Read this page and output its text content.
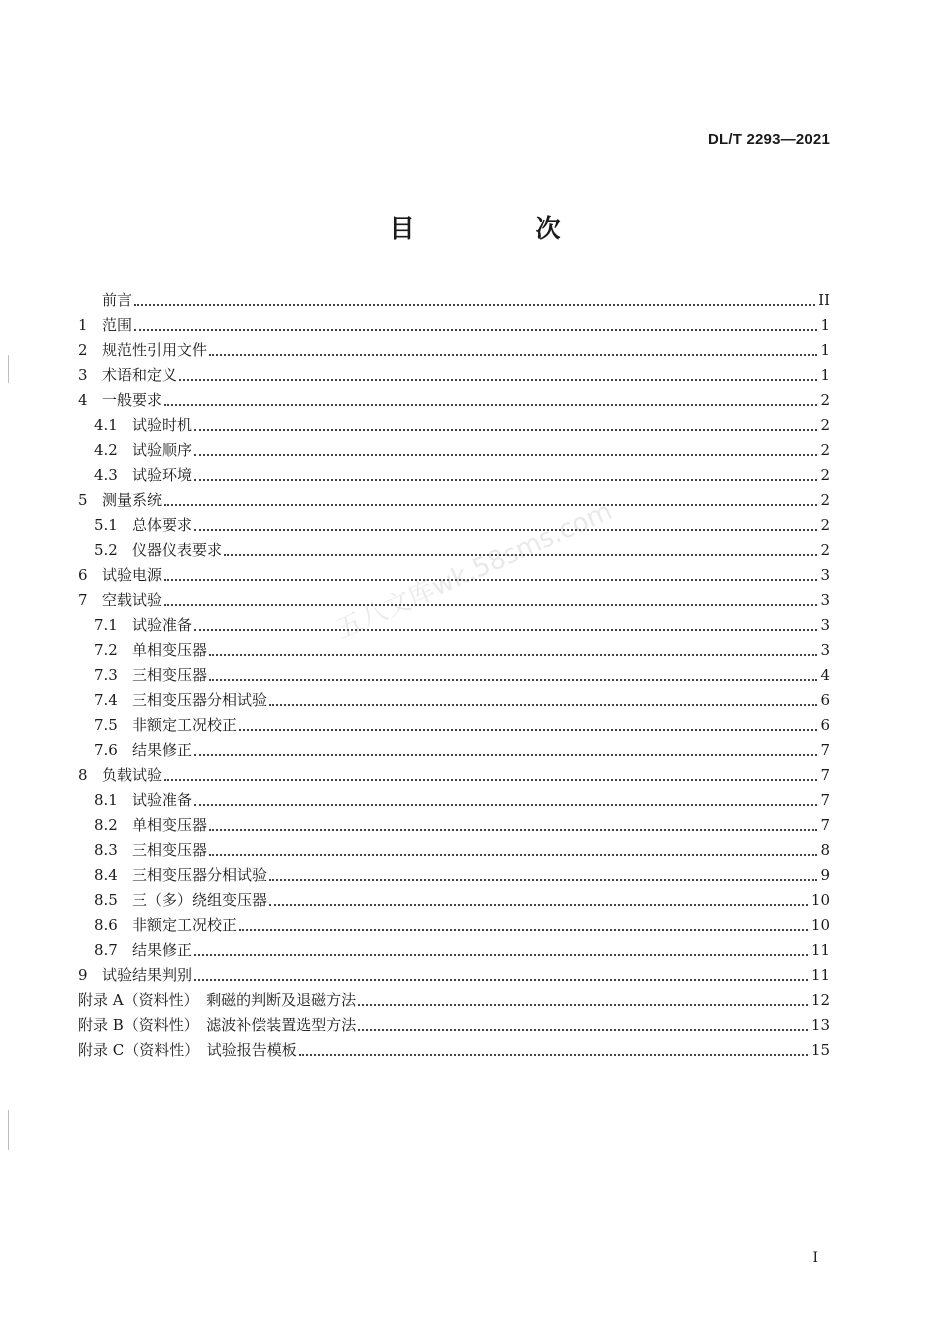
DL/T 2293—2021
目　次
前言	II
1 范围	1
2 规范性引用文件	1
3 术语和定义	1
4 一般要求	2
4.1 试验时机	2
4.2 试验顺序	2
4.3 试验环境	2
5 测量系统	2
5.1 总体要求	2
5.2 仪器仪表要求	2
6 试验电源	3
7 空载试验	3
7.1 试验准备	3
7.2 单相变压器	3
7.3 三相变压器	4
7.4 三相变压器分相试验	6
7.5 非额定工况校正	6
7.6 结果修正	7
8 负载试验	7
8.1 试验准备	7
8.2 单相变压器	7
8.3 三相变压器	8
8.4 三相变压器分相试验	9
8.5 三（多）绕组变压器	10
8.6 非额定工况校正	10
8.7 结果修正	11
9 试验结果判别	11
附录 A（资料性）　剩磁的判断及退磁方法	12
附录 B（资料性）　滤波补偿装置选型方法	13
附录 C（资料性）　试验报告模板	15
五八文库wk.58sms.com
I
